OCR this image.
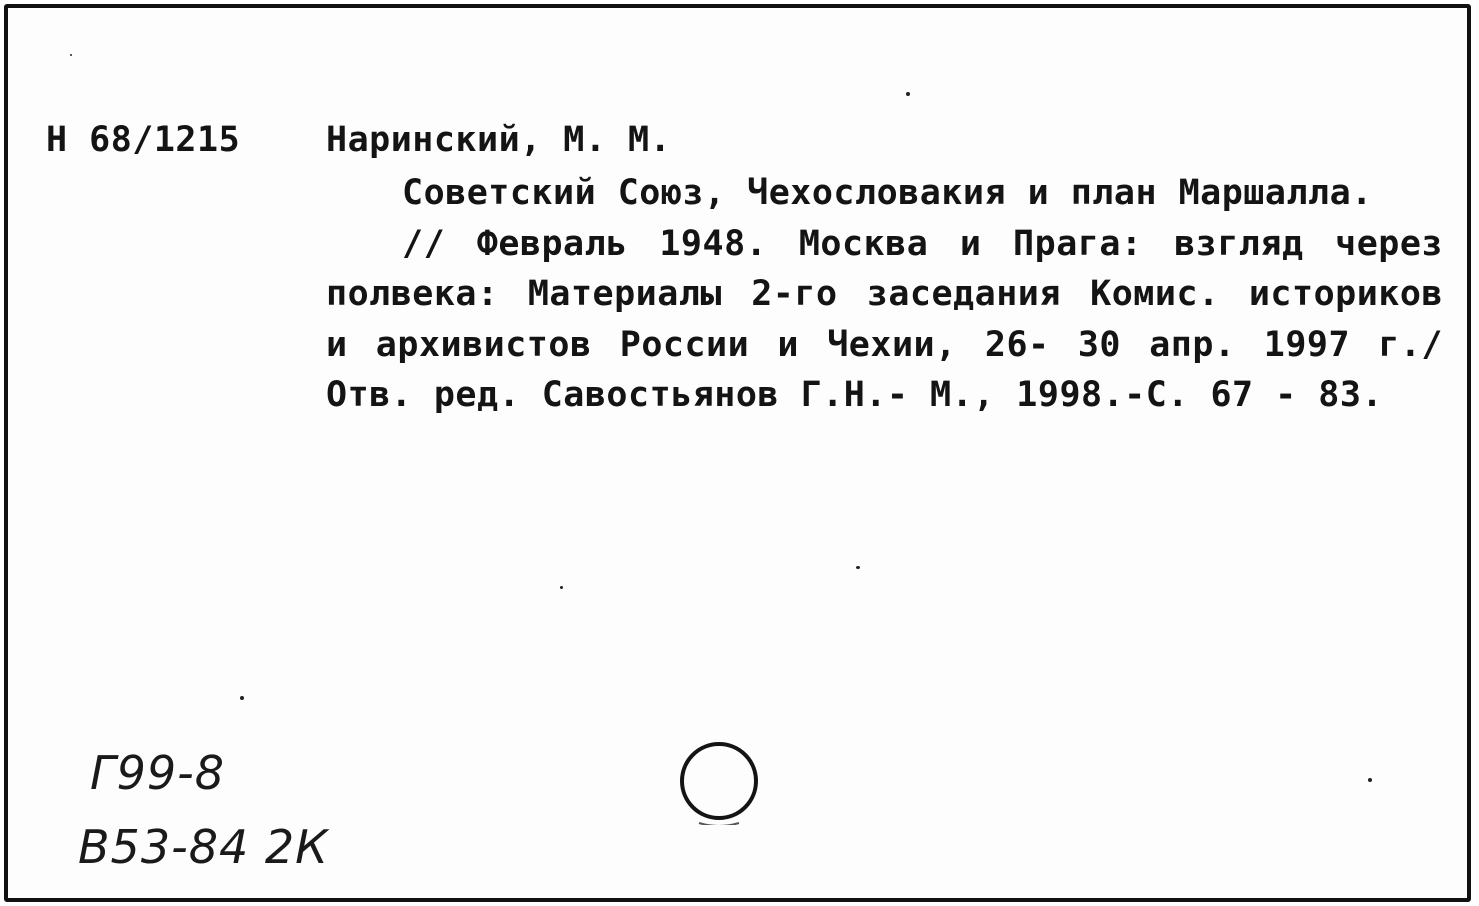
Н 68/1215 Наринский, М. М.

Советский Союз, Чехословакия и план Маршалла.

// Февраль 1948. Москва и Прага: взгляд через полвека: Материалы 2-го заседания Комис. историков и архивистов России и Чехии, 26- 30 апр. 1997 г./ Отв. ред. Савостьянов Г.Н.- М., 1998.-С. 67 - 83.

Г99-8
В53-84 2К
